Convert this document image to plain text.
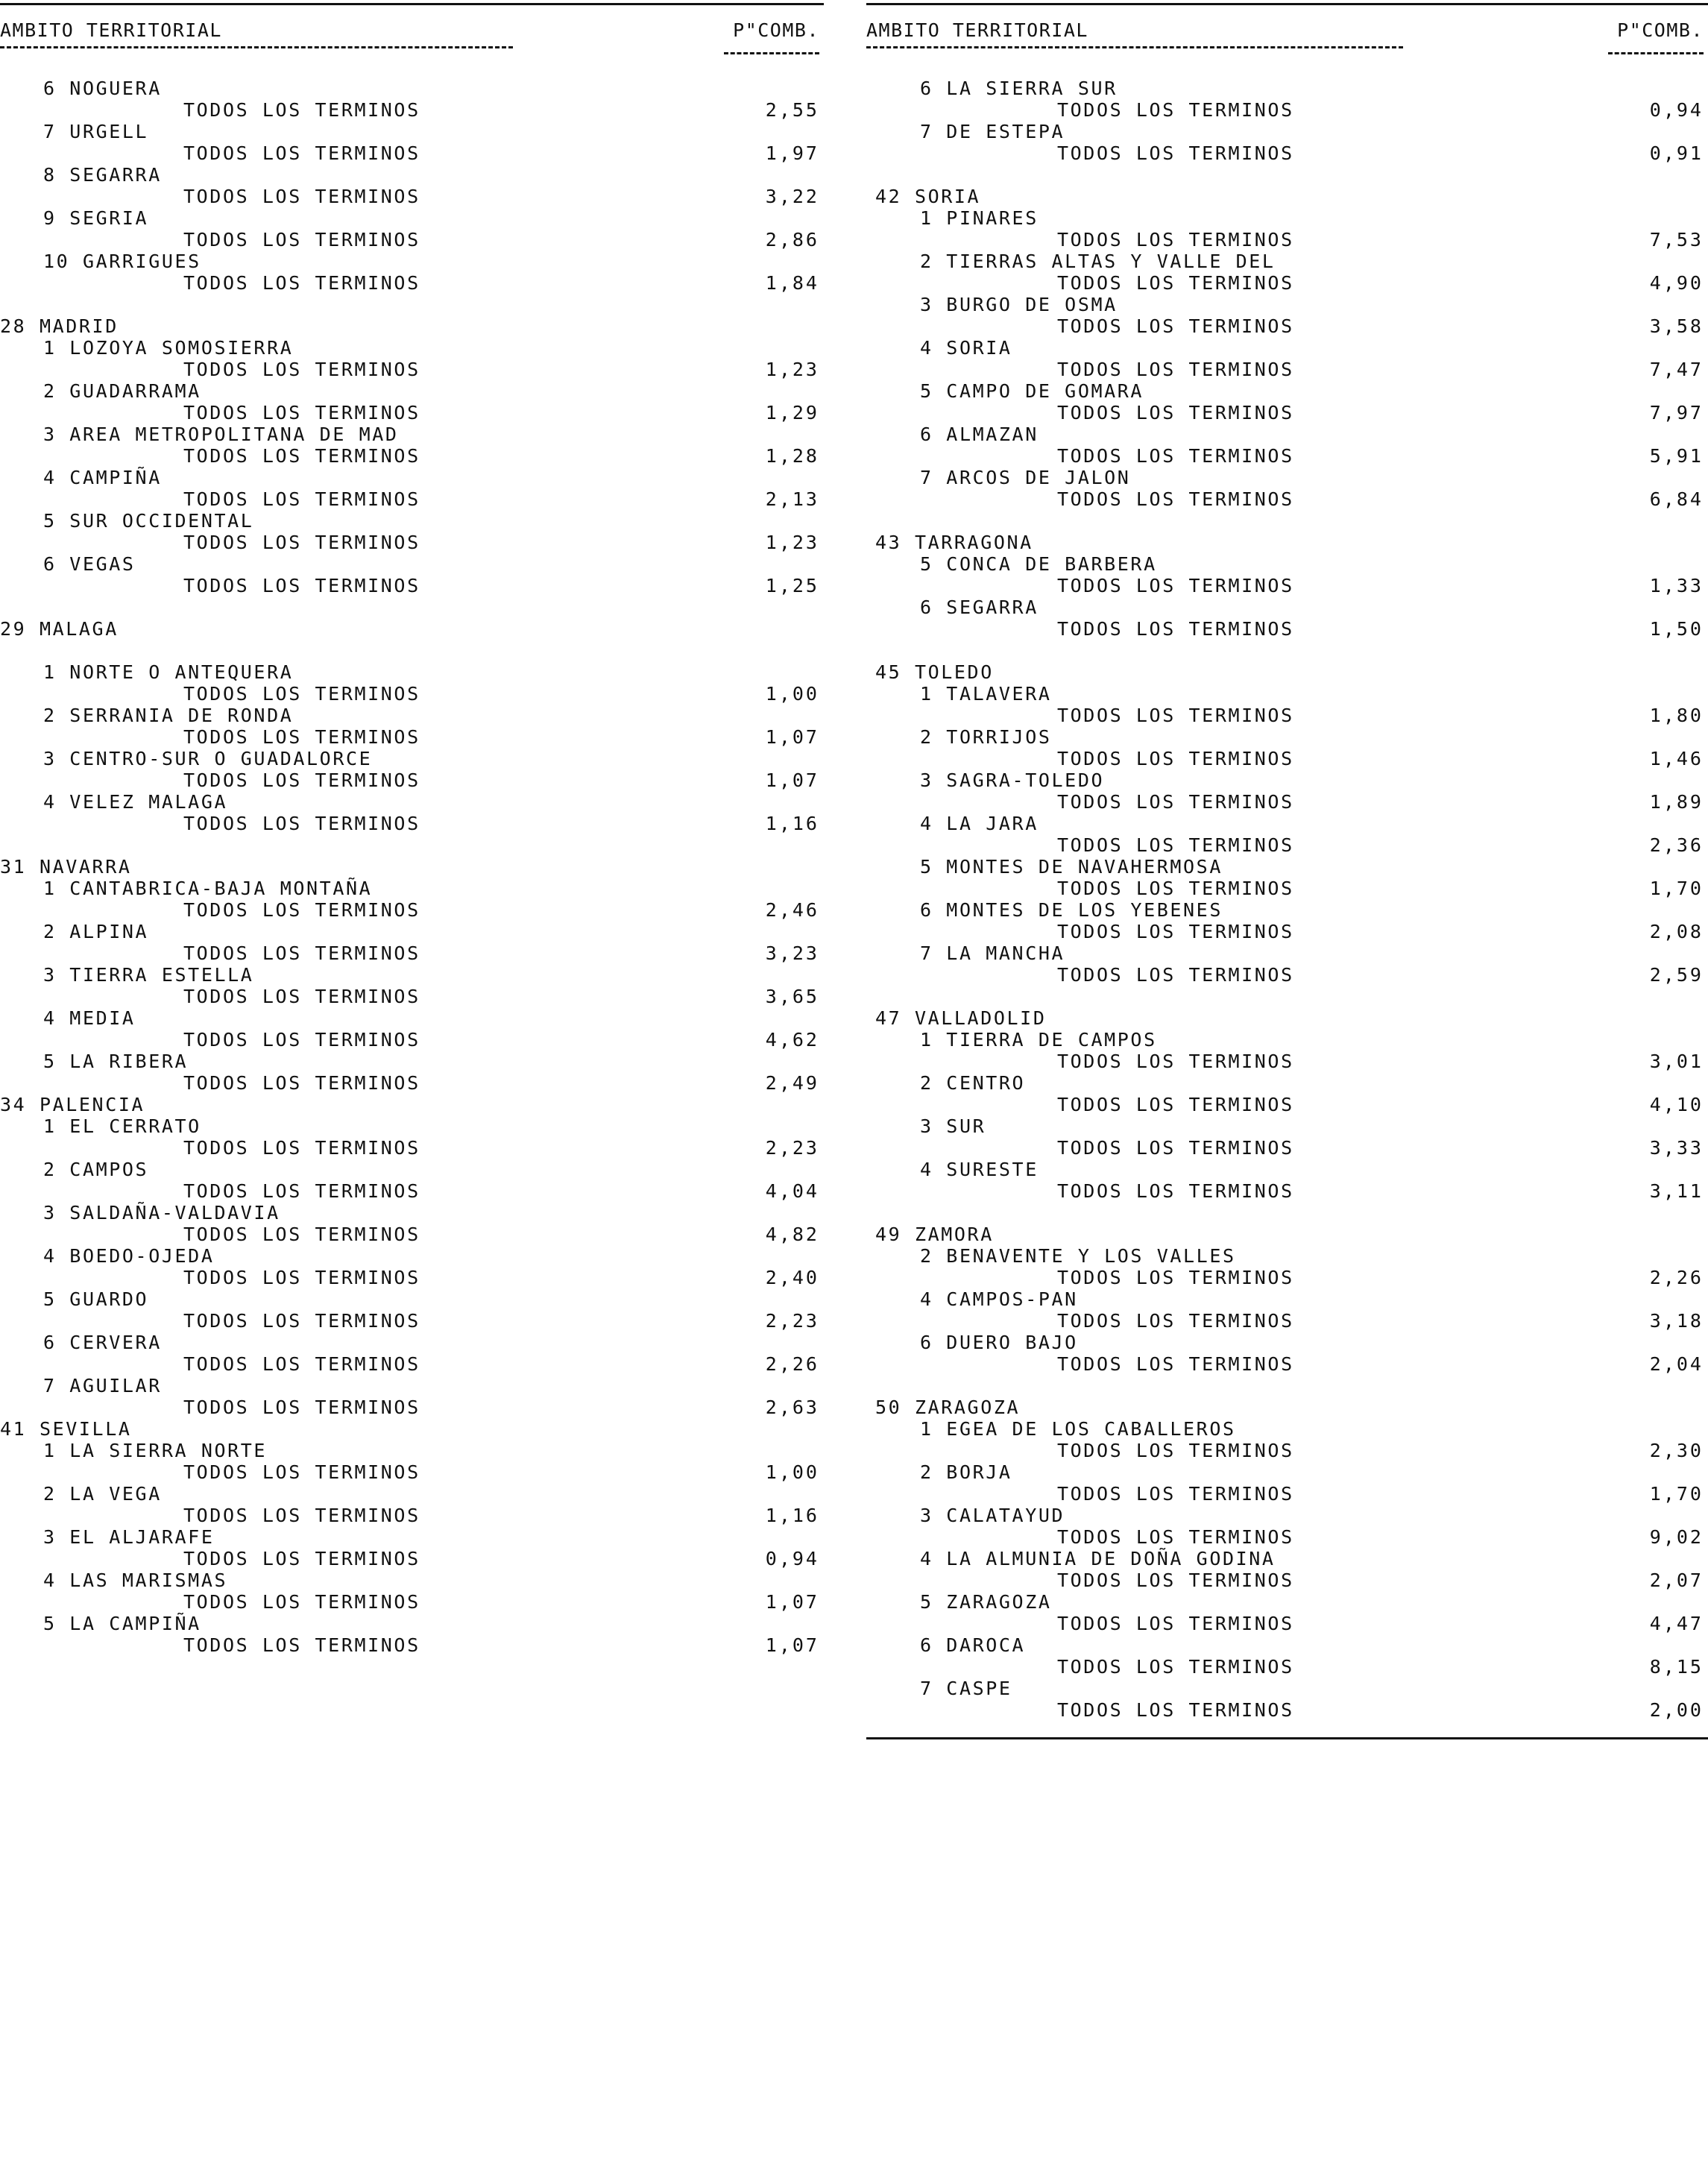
AMBITO TERRITORIAL	P"COMB.
6 NOGUERA
TODOS LOS TERMINOS	2,55
7 URGELL
TODOS LOS TERMINOS	1,97
8 SEGARRA
TODOS LOS TERMINOS	3,22
9 SEGRIA
TODOS LOS TERMINOS	2,86
10 GARRIGUES
TODOS LOS TERMINOS	1,84
28 MADRID
1 LOZOYA SOMOSIERRA
TODOS LOS TERMINOS	1,23
2 GUADARRAMA
TODOS LOS TERMINOS	1,29
3 AREA METROPOLITANA DE MAD
TODOS LOS TERMINOS	1,28
4 CAMPIÑA
TODOS LOS TERMINOS	2,13
5 SUR OCCIDENTAL
TODOS LOS TERMINOS	1,23
6 VEGAS
TODOS LOS TERMINOS	1,25
29 MALAGA
1 NORTE O ANTEQUERA
TODOS LOS TERMINOS	1,00
2 SERRANIA DE RONDA
TODOS LOS TERMINOS	1,07
3 CENTRO-SUR O GUADALORCE
TODOS LOS TERMINOS	1,07
4 VELEZ MALAGA
TODOS LOS TERMINOS	1,16
31 NAVARRA
1 CANTABRICA-BAJA MONTAÑA
TODOS LOS TERMINOS	2,46
2 ALPINA
TODOS LOS TERMINOS	3,23
3 TIERRA ESTELLA
TODOS LOS TERMINOS	3,65
4 MEDIA
TODOS LOS TERMINOS	4,62
5 LA RIBERA
TODOS LOS TERMINOS	2,49
34 PALENCIA
1 EL CERRATO
TODOS LOS TERMINOS	2,23
2 CAMPOS
TODOS LOS TERMINOS	4,04
3 SALDAÑA-VALDAVIA
TODOS LOS TERMINOS	4,82
4 BOEDO-OJEDA
TODOS LOS TERMINOS	2,40
5 GUARDO
TODOS LOS TERMINOS	2,23
6 CERVERA
TODOS LOS TERMINOS	2,26
7 AGUILAR
TODOS LOS TERMINOS	2,63
41 SEVILLA
1 LA SIERRA NORTE
TODOS LOS TERMINOS	1,00
2 LA VEGA
TODOS LOS TERMINOS	1,16
3 EL ALJARAFE
TODOS LOS TERMINOS	0,94
4 LAS MARISMAS
TODOS LOS TERMINOS	1,07
5 LA CAMPIÑA
TODOS LOS TERMINOS	1,07
AMBITO TERRITORIAL	P"COMB.
6 LA SIERRA SUR
TODOS LOS TERMINOS	0,94
7 DE ESTEPA
TODOS LOS TERMINOS	0,91
42 SORIA
1 PINARES
TODOS LOS TERMINOS	7,53
2 TIERRAS ALTAS Y VALLE DEL
TODOS LOS TERMINOS	4,90
3 BURGO DE OSMA
TODOS LOS TERMINOS	3,58
4 SORIA
TODOS LOS TERMINOS	7,47
5 CAMPO DE GOMARA
TODOS LOS TERMINOS	7,97
6 ALMAZAN
TODOS LOS TERMINOS	5,91
7 ARCOS DE JALON
TODOS LOS TERMINOS	6,84
43 TARRAGONA
5 CONCA DE BARBERA
TODOS LOS TERMINOS	1,33
6 SEGARRA
TODOS LOS TERMINOS	1,50
45 TOLEDO
1 TALAVERA
TODOS LOS TERMINOS	1,80
2 TORRIJOS
TODOS LOS TERMINOS	1,46
3 SAGRA-TOLEDO
TODOS LOS TERMINOS	1,89
4 LA JARA
TODOS LOS TERMINOS	2,36
5 MONTES DE NAVAHERMOSA
TODOS LOS TERMINOS	1,70
6 MONTES DE LOS YEBENES
TODOS LOS TERMINOS	2,08
7 LA MANCHA
TODOS LOS TERMINOS	2,59
47 VALLADOLID
1 TIERRA DE CAMPOS
TODOS LOS TERMINOS	3,01
2 CENTRO
TODOS LOS TERMINOS	4,10
3 SUR
TODOS LOS TERMINOS	3,33
4 SURESTE
TODOS LOS TERMINOS	3,11
49 ZAMORA
2 BENAVENTE Y LOS VALLES
TODOS LOS TERMINOS	2,26
4 CAMPOS-PAN
TODOS LOS TERMINOS	3,18
6 DUERO BAJO
TODOS LOS TERMINOS	2,04
50 ZARAGOZA
1 EGEA DE LOS CABALLEROS
TODOS LOS TERMINOS	2,30
2 BORJA
TODOS LOS TERMINOS	1,70
3 CALATAYUD
TODOS LOS TERMINOS	9,02
4 LA ALMUNIA DE DOÑA GODINA
TODOS LOS TERMINOS	2,07
5 ZARAGOZA
TODOS LOS TERMINOS	4,47
6 DAROCA
TODOS LOS TERMINOS	8,15
7 CASPE
TODOS LOS TERMINOS	2,00
